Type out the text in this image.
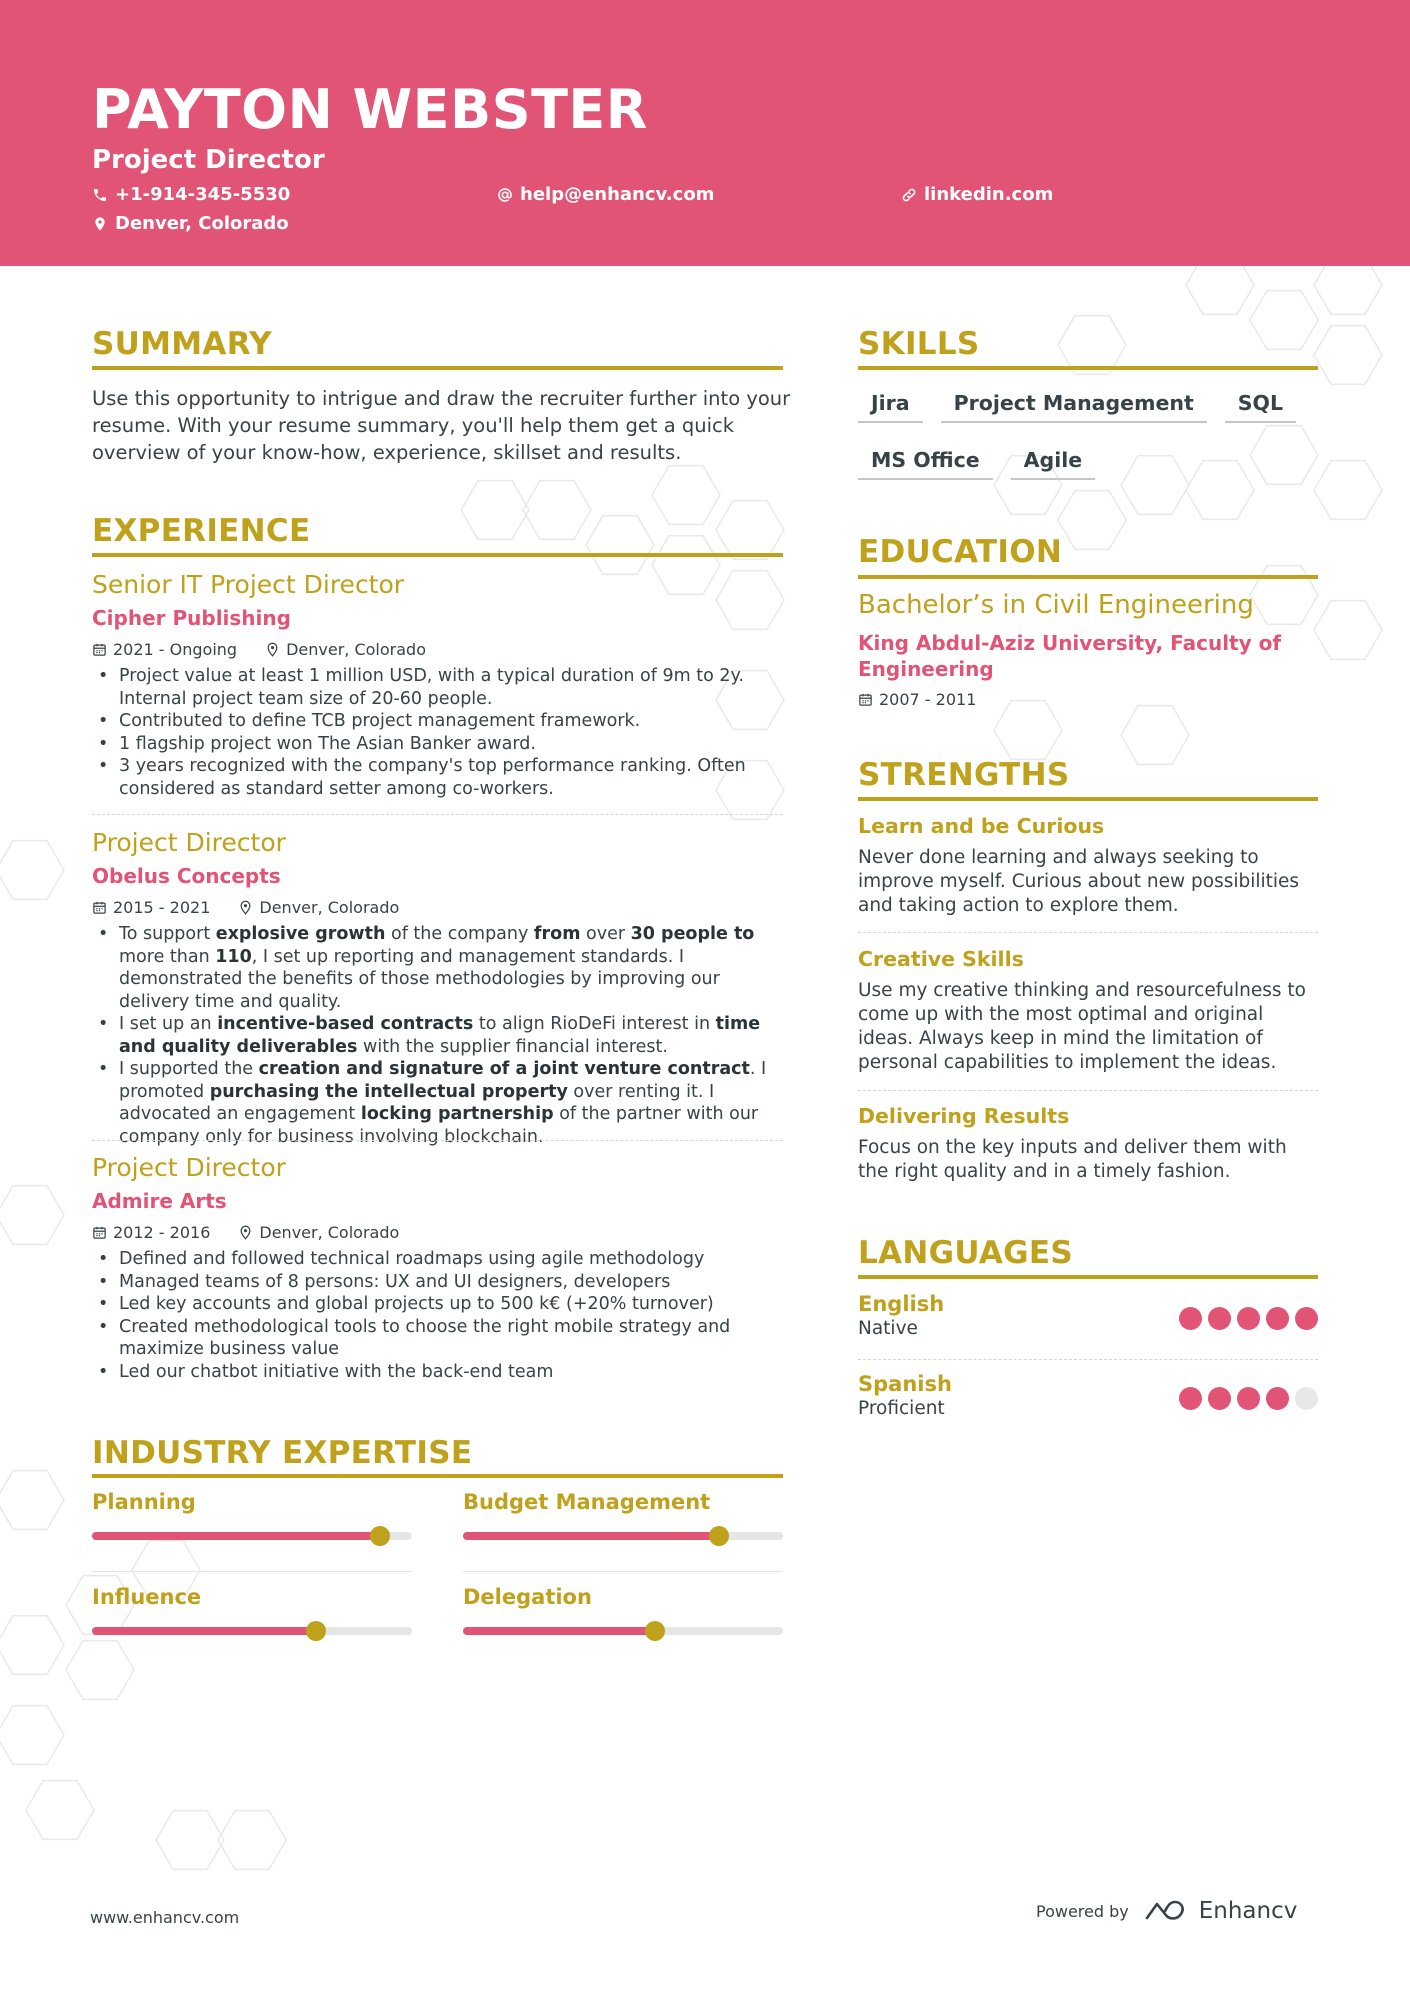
PAYTON WEBSTER
Project Director
+1-914-345-5530	help@enhancv.com	linkedin.com
Denver, Colorado
SUMMARY
Use this opportunity to intrigue and draw the recruiter further into your resume. With your resume summary, you'll help them get a quick overview of your know-how, experience, skillset and results.
EXPERIENCE
Senior IT Project Director
Cipher Publishing
2021 - Ongoing	Denver, Colorado
• Project value at least 1 million USD, with a typical duration of 9m to 2y. Internal project team size of 20-60 people.
• Contributed to define TCB project management framework.
• 1 flagship project won The Asian Banker award.
• 3 years recognized with the company's top performance ranking. Often considered as standard setter among co-workers.
Project Director
Obelus Concepts
2015 - 2021	Denver, Colorado
• To support explosive growth of the company from over 30 people to more than 110, I set up reporting and management standards. I demonstrated the benefits of those methodologies by improving our delivery time and quality.
• I set up an incentive-based contracts to align RioDeFi interest in time and quality deliverables with the supplier financial interest.
• I supported the creation and signature of a joint venture contract. I promoted purchasing the intellectual property over renting it. I advocated an engagement locking partnership of the partner with our company only for business involving blockchain.
Project Director
Admire Arts
2012 - 2016	Denver, Colorado
• Defined and followed technical roadmaps using agile methodology
• Managed teams of 8 persons: UX and UI designers, developers
• Led key accounts and global projects up to 500 k€ (+20% turnover)
• Created methodological tools to choose the right mobile strategy and maximize business value
• Led our chatbot initiative with the back-end team
INDUSTRY EXPERTISE
Planning	Budget Management
Influence	Delegation
SKILLS
Jira	Project Management	SQL
MS Office	Agile
EDUCATION
Bachelor’s in Civil Engineering
King Abdul-Aziz University, Faculty of Engineering
2007 - 2011
STRENGTHS
Learn and be Curious
Never done learning and always seeking to improve myself. Curious about new possibilities and taking action to explore them.
Creative Skills
Use my creative thinking and resourcefulness to come up with the most optimal and original ideas. Always keep in mind the limitation of personal capabilities to implement the ideas.
Delivering Results
Focus on the key inputs and deliver them with the right quality and in a timely fashion.
LANGUAGES
English
Native
Spanish
Proficient
www.enhancv.com	Powered by	Enhancv
